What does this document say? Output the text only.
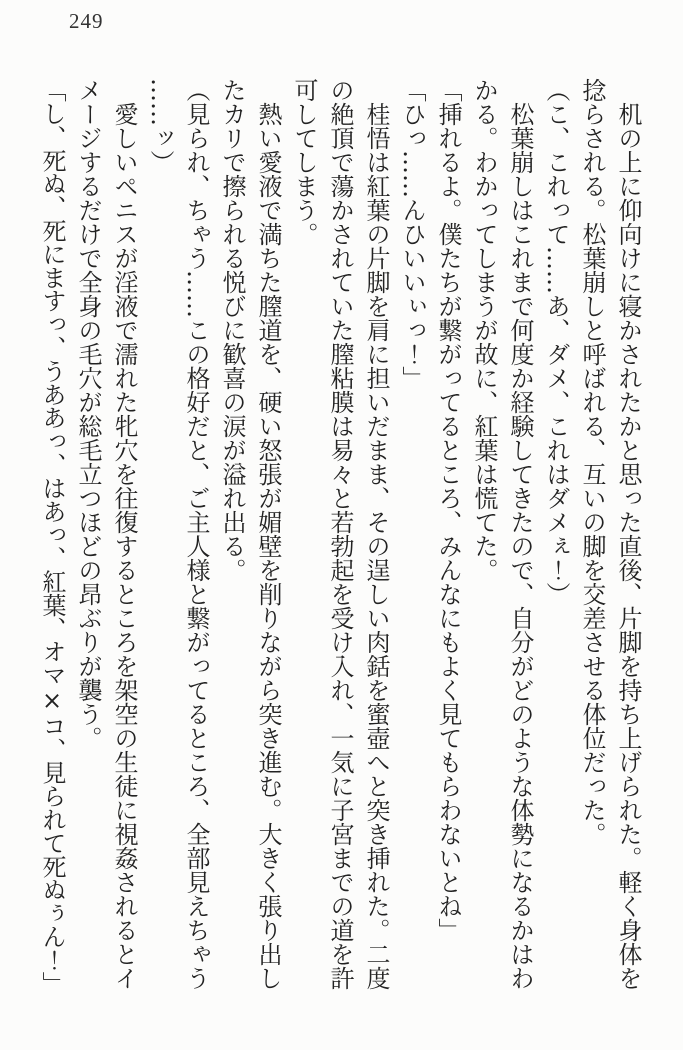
249

　机の上に仰向けに寝かされたかと思った直後、片脚を持ち上げられた。軽く身体を

捻らされる。松葉崩しと呼ばれる、互いの脚を交差させる体位だった。

（こ、これって……あ、ダメ、これはダメぇ！）

　松葉崩しはこれまで何度か経験してきたので、自分がどのような体勢になるかはわ

かる。わかってしまうが故に、紅葉は慌てた。

「挿れるよ。僕たちが繋がってるところ、みんなにもよく見てもらわないとね」

「ひっ……んひいいぃっ！」

　桂悟は紅葉の片脚を肩に担いだまま、その逞しい肉銛を蜜壺へと突き挿れた。二度

の絶頂で蕩かされていた膣粘膜は易々と若勃起を受け入れ、一気に子宮までの道を許

可してしまう。

　熱い愛液で満ちた膣道を、硬い怒張が媚壁を削りながら突き進む。大きく張り出し

たカリで擦られる悦びに歓喜の涙が溢れ出る。

（見られ、ちゃう……この格好だと、ご主人様と繋がってるところ、全部見えちゃう

……ッ）

　愛しいペニスが淫液で濡れた牝穴を往復するところを架空の生徒に視姦されるとイ

メージするだけで全身の毛穴が総毛立つほどの昂ぶりが襲う。

「し、死ぬ、死にますっ、うああっ、はあっ、紅葉、オマ×コ、見られて死ぬぅん！」
